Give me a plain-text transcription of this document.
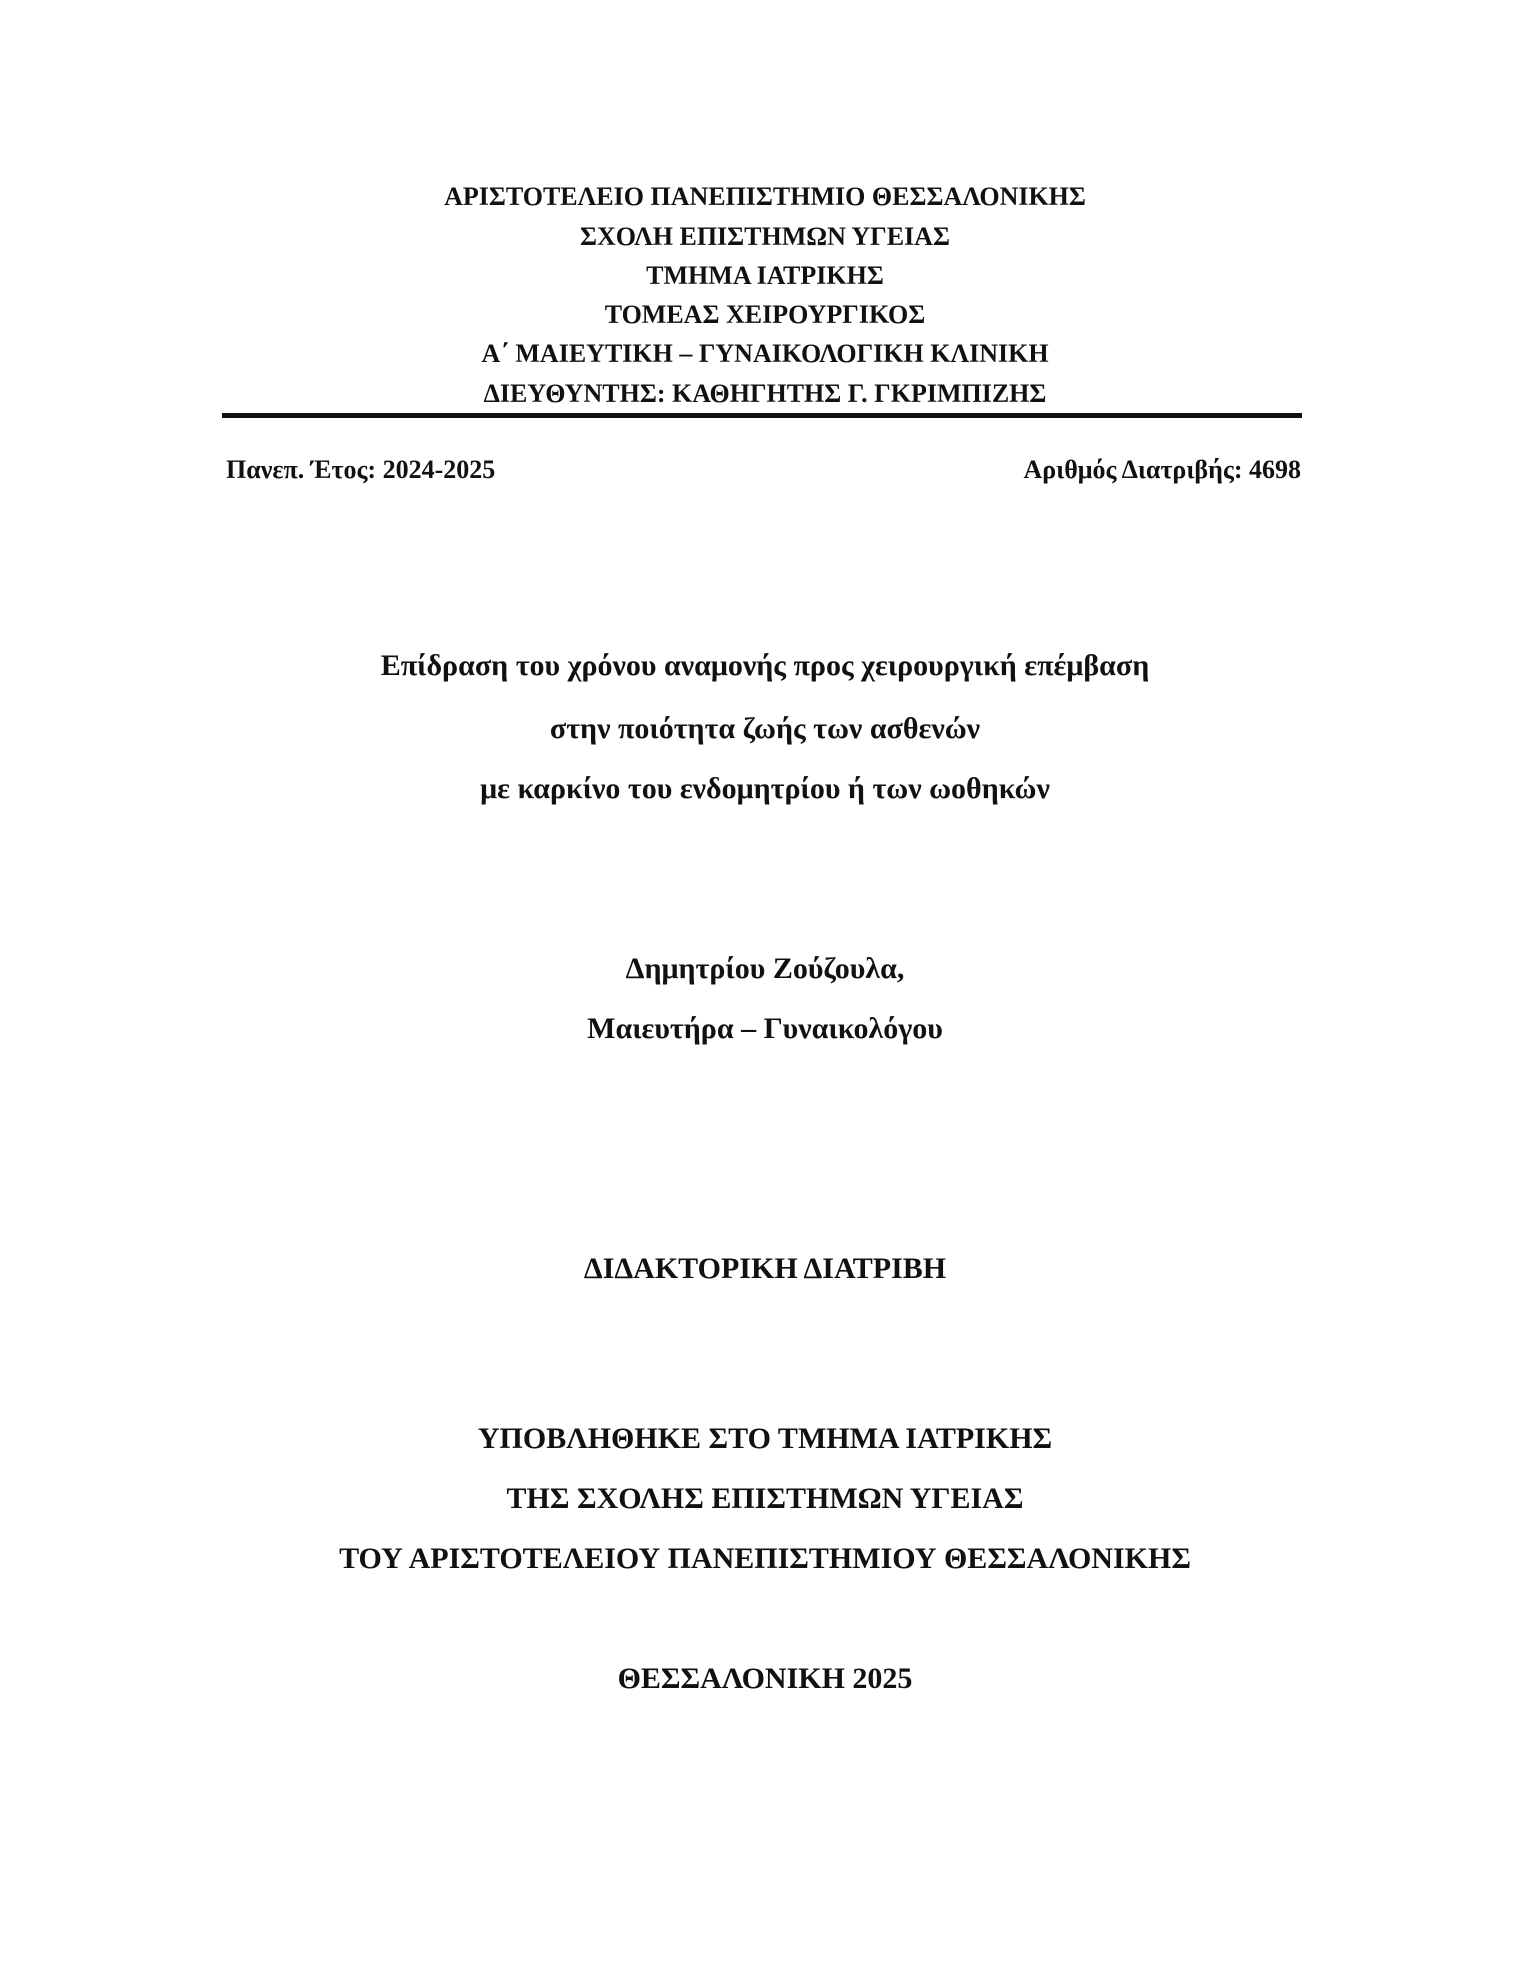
ΑΡΙΣΤΟΤΕΛΕΙΟ ΠΑΝΕΠΙΣΤΗΜΙΟ ΘΕΣΣΑΛΟΝΙΚΗΣ
ΣΧΟΛΗ ΕΠΙΣΤΗΜΩΝ ΥΓΕΙΑΣ
ΤΜΗΜΑ ΙΑΤΡΙΚΗΣ
ΤΟΜΕΑΣ ΧΕΙΡΟΥΡΓΙΚΟΣ
Α΄ ΜΑΙΕΥΤΙΚΗ – ΓΥΝΑΙΚΟΛΟΓΙΚΗ ΚΛΙΝΙΚΗ
ΔΙΕΥΘΥΝΤΗΣ: ΚΑΘΗΓΗΤΗΣ Γ. ΓΚΡΙΜΠΙΖΗΣ
Πανεπ. Έτος: 2024-2025	Αριθμός Διατριβής: 4698
Επίδραση του χρόνου αναμονής προς χειρουργική επέμβαση
στην ποιότητα ζωής των ασθενών
με καρκίνο του ενδομητρίου ή των ωοθηκών
Δημητρίου Ζούζουλα,
Μαιευτήρα – Γυναικολόγου
ΔΙΔΑΚΤΟΡΙΚΗ ΔΙΑΤΡΙΒΗ
ΥΠΟΒΛΗΘΗΚΕ ΣΤΟ ΤΜΗΜΑ ΙΑΤΡΙΚΗΣ
ΤΗΣ ΣΧΟΛΗΣ ΕΠΙΣΤΗΜΩΝ ΥΓΕΙΑΣ
ΤΟΥ ΑΡΙΣΤΟΤΕΛΕΙΟΥ ΠΑΝΕΠΙΣΤΗΜΙΟΥ ΘΕΣΣΑΛΟΝΙΚΗΣ
ΘΕΣΣΑΛΟΝΙΚΗ 2025
